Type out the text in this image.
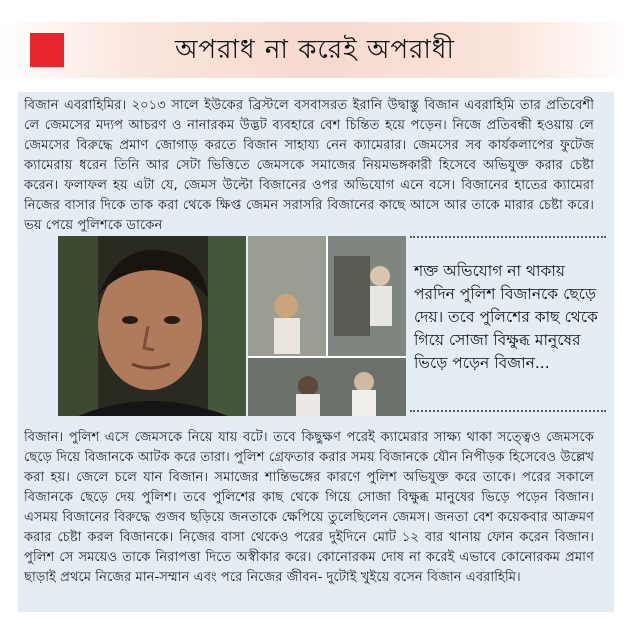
অপরাধ না করেই অপরাধী
বিজান এবরাহিমির। ২০১৩ সালে ইউকের ব্রিস্টলে বসবাসরত ইরানি উদ্বাস্তু বিজান এবরাহিমি তার প্রতিবেশী লে জেমসের মদ্যপ আচরণ ও নানারকম উদ্ভট ব্যবহারে বেশ চিন্তিত হয়ে পড়েন। নিজে প্রতিবন্ধী হওয়ায় লে জেমসের বিরুদ্ধে প্রমাণ জোগাড় করতে বিজান সাহায্য নেন ক্যামেরার। জেমসের সব কার্যকলাপের ফুটেজ ক্যামেরায় ধরেন তিনি আর সেটা ভিত্তিতে জেমসকে সমাজের নিয়মভঙ্গকারী হিসেবে অভিযুক্ত করার চেষ্টা করেন। ফলাফল হয় এটা যে, জেমস উল্টো বিজানের ওপর অভিযোগ এনে বসে। বিজানের হাতের ক্যামেরা নিজের বাসার দিকে তাক করা থেকে ক্ষিপ্ত জেমন সরাসরি বিজানের কাছে আসে আর তাকে মারার চেষ্টা করে। ভয় পেয়ে পুলিশকে ডাকেন
শক্ত অভিযোগ না থাকায় পরদিন পুলিশ বিজানকে ছেড়ে দেয়। তবে পুলিশের কাছ থেকে গিয়ে সোজা বিক্ষুব্ধ মানুষের ভিড়ে পড়েন বিজান...
বিজান। পুলিশ এসে জেমসকে নিয়ে যায় বটে। তবে কিছুক্ষণ পরেই ক্যামেরার সাক্ষ্য থাকা সত্ত্বেও জেমসকে ছেড়ে দিয়ে বিজানকে আটক করে তারা। পুলিশ গ্রেফতার করার সময় বিজানকে যৌন নিপীড়ক হিসেবেও উল্লেখ করা হয়। জেলে চলে যান বিজান। সমাজের শান্তিভঙ্গের কারণে পুলিশ অভিযুক্ত করে তাকে। পরের সকালে বিজানকে ছেড়ে দেয় পুলিশ। তবে পুলিশের কাছ থেকে গিয়ে সোজা বিক্ষুব্ধ মানুষের ভিড়ে পড়েন বিজান। এসময় বিজানের বিরুদ্ধে গুজব ছড়িয়ে জনতাকে ক্ষেপিয়ে তুলেছিলেন জেমস। জনতা বেশ কয়েকবার আক্রমণ করার চেষ্টা করল বিজানকে। নিজের বাসা থেকেও পরের দুইদিনে মোট ১২ বার থানায় ফোন করেন বিজান। পুলিশ সে সময়েও তাকে নিরাপত্তা দিতে অস্বীকার করে। কোনোরকম দোষ না করেই এভাবে কোনোরকম প্রমাণ ছাড়াই প্রথমে নিজের মান-সম্মান এবং পরে নিজের জীবন- দুটোই খুইয়ে বসেন বিজান এবরাহিমি।
